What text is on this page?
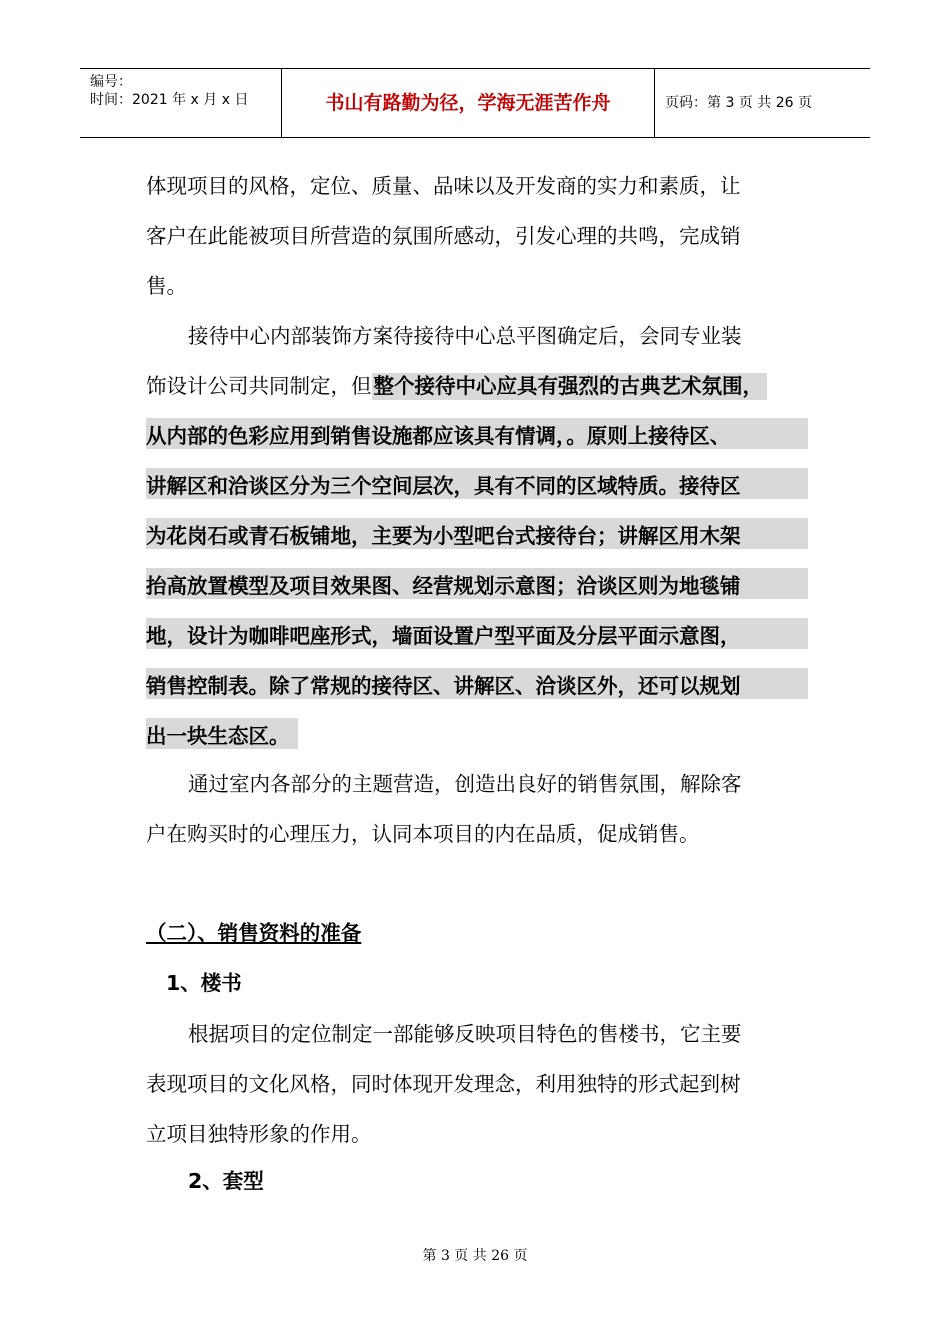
编号：
时间：2021 年 x 月 x 日	书山有路勤为径，学海无涯苦作舟	页码：第 3 页 共 26 页
体现项目的风格，定位、质量、品味以及开发商的实力和素质，让
客户在此能被项目所营造的氛围所感动，引发心理的共鸣，完成销
售。
接待中心内部装饰方案待接待中心总平图确定后，会同专业装
饰设计公司共同制定，但整个接待中心应具有强烈的古典艺术氛围，
从内部的色彩应用到销售设施都应该具有情调，。原则上接待区、
讲解区和洽谈区分为三个空间层次，具有不同的区域特质。接待区
为花岗石或青石板铺地，主要为小型吧台式接待台；讲解区用木架
抬高放置模型及项目效果图、经营规划示意图；洽谈区则为地毯铺
地，设计为咖啡吧座形式，墙面设置户型平面及分层平面示意图，
销售控制表。除了常规的接待区、讲解区、洽谈区外，还可以规划
出一块生态区。
通过室内各部分的主题营造，创造出良好的销售氛围，解除客
户在购买时的心理压力，认同本项目的内在品质，促成销售。
（二）、销售资料的准备
1、楼书
根据项目的定位制定一部能够反映项目特色的售楼书，它主要
表现项目的文化风格，同时体现开发理念，利用独特的形式起到树
立项目独特形象的作用。
2、套型
第 3 页 共 26 页
